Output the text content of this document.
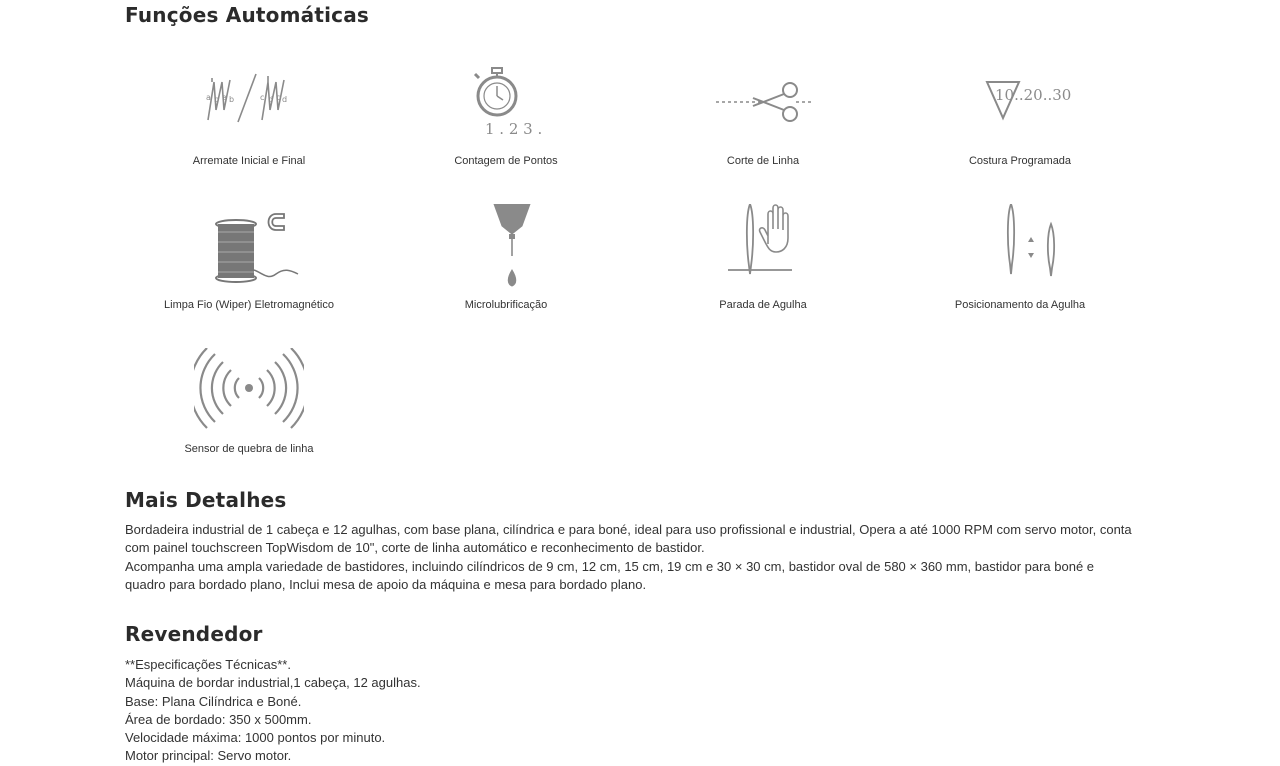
Funções Automáticas
a b a b	c d c d
Arremate Inicial e Final
1 . 2 3 .
Contagem de Pontos	Corte de Linha
10..20..30
Costura Programada
Limpa Fio (Wiper) Eletromagnético	Microlubrificação	Parada de Agulha	Posicionamento da Agulha
Sensor de quebra de linha
Mais Detalhes

Bordadeira industrial de 1 cabeça e 12 agulhas, com base plana, cilíndrica e para boné, ideal para uso profissional e industrial, Opera a até 1000 RPM com servo motor, conta com painel touchscreen TopWisdom de 10", corte de linha automático e reconhecimento de bastidor.

Acompanha uma ampla variedade de bastidores, incluindo cilíndricos de 9 cm, 12 cm, 15 cm, 19 cm e 30 × 30 cm, bastidor oval de 580 × 360 mm, bastidor para boné e quadro para bordado plano, Inclui mesa de apoio da máquina e mesa para bordado plano.

Revendedor

**Especificações Técnicas**.

Máquina de bordar industrial,1 cabeça, 12 agulhas.

Base: Plana Cilíndrica e Boné.

Área de bordado: 350 x 500mm.

Velocidade máxima: 1000 pontos por minuto.

Motor principal: Servo motor.
